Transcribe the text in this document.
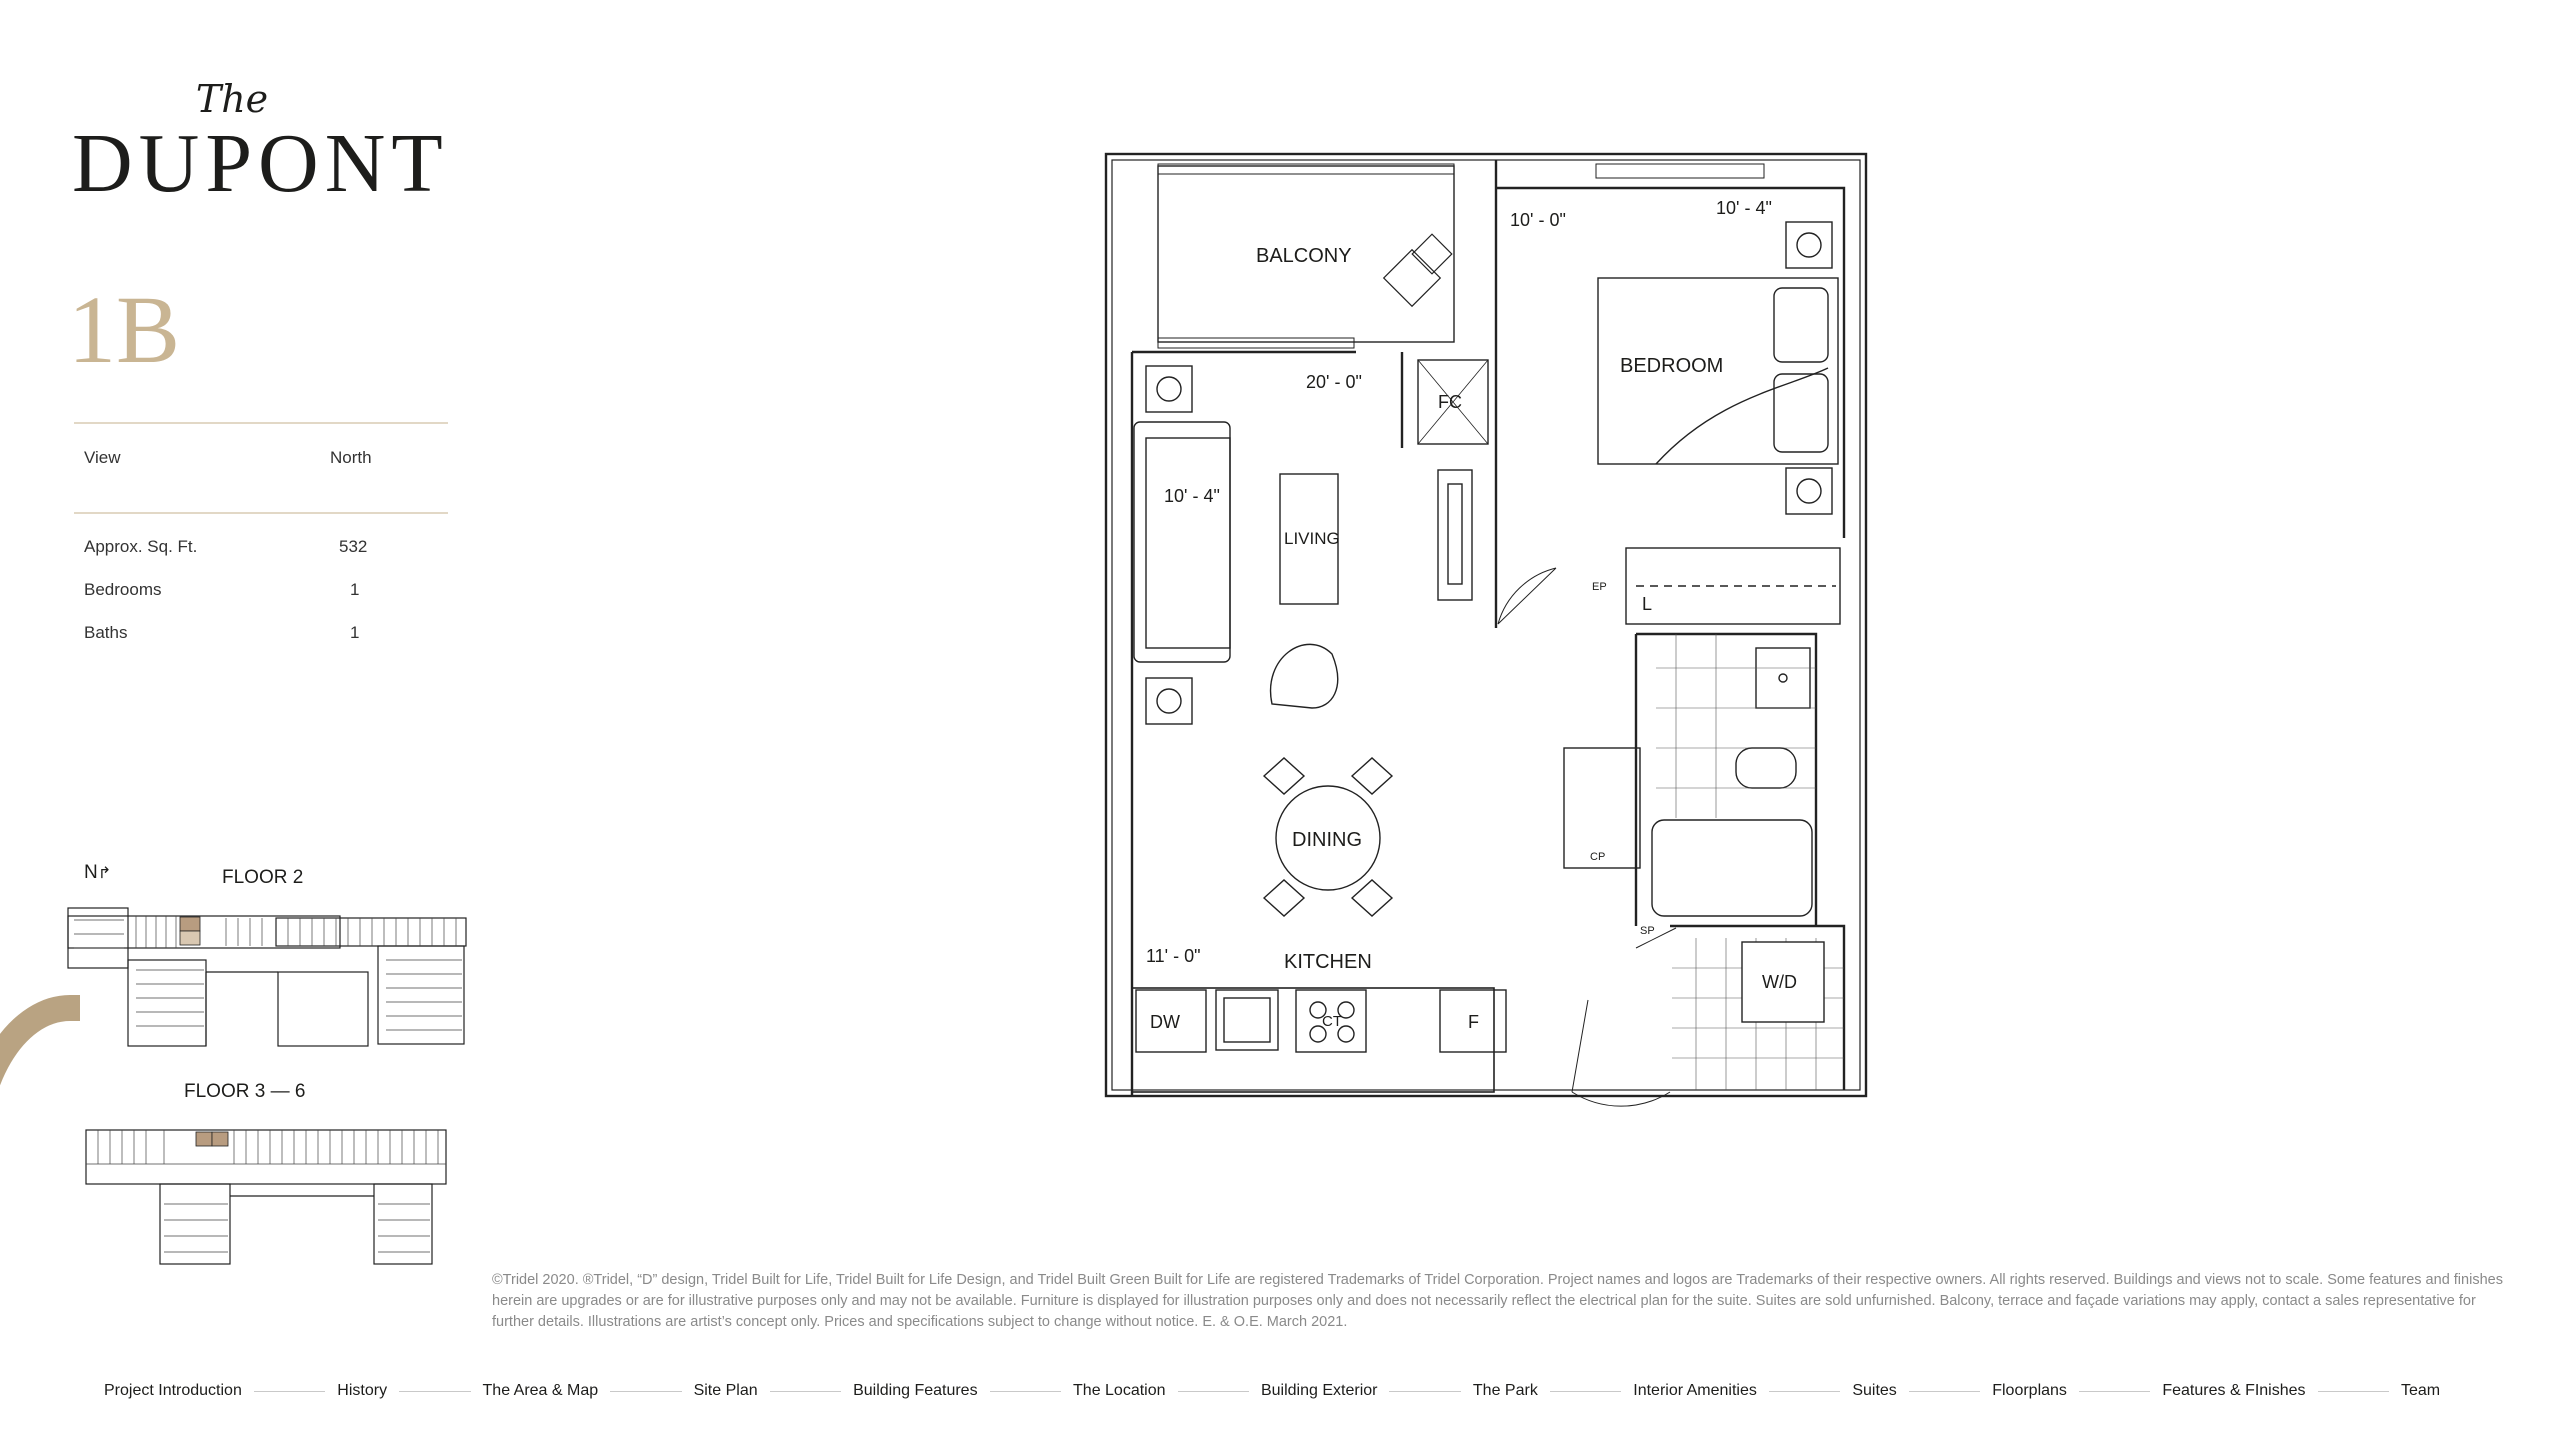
The
DUPONT
1B
View	North
Approx. Sq. Ft.	532
Bedrooms	1
Baths	1
N↱	FLOOR 2
FLOOR 3 — 6
BALCONY
BEDROOM
LIVING
DINING
KITCHEN
FC
L
DW	F
CT
W/D
EP
CP
SP
10' - 0"
10' - 4"
20' - 0"
10' - 4"
11' - 0"
©Tridel 2020. ®Tridel, “D” design, Tridel Built for Life, Tridel Built for Life Design, and Tridel Built Green Built for Life are registered Trademarks of Tridel Corporation. Project names and logos are Trademarks of their respective owners. All rights reserved. Buildings and views not to scale. Some features and finishes herein are upgrades or are for illustrative purposes only and may not be available. Furniture is displayed for illustration purposes only and does not necessarily reflect the electrical plan for the suite. Suites are sold unfurnished. Balcony, terrace and façade variations may apply, contact a sales representative for further details. Illustrations are artist’s concept only. Prices and specifications subject to change without notice. E. & O.E. March 2021.
Project Introduction	History	The Area & Map	Site Plan	Building Features	The Location	Building Exterior	The Park	Interior Amenities	Suites	Floorplans	Features & FInishes	Team
